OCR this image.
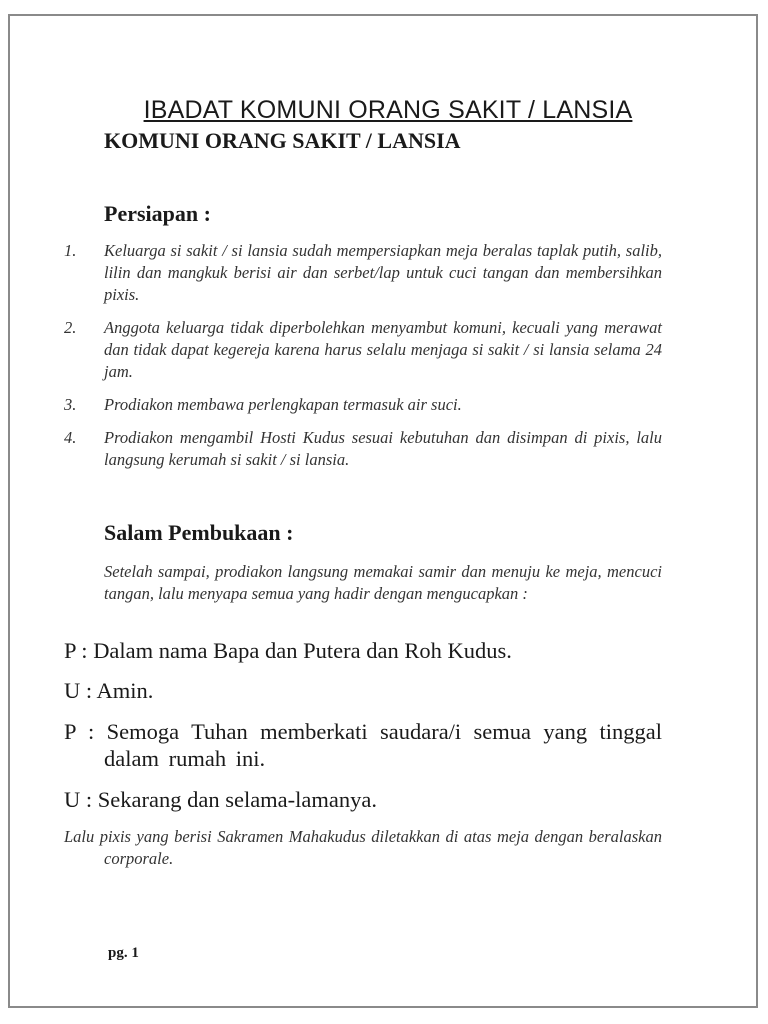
IBADAT KOMUNI ORANG SAKIT / LANSIA
KOMUNI ORANG SAKIT / LANSIA
Persiapan :
1.	Keluarga si sakit / si lansia sudah mempersiapkan meja beralas taplak putih, salib, lilin dan mangkuk berisi air dan serbet/lap untuk cuci tangan dan membersihkan pixis.
2.	Anggota keluarga tidak diperbolehkan menyambut komuni, kecuali yang merawat dan tidak dapat kegereja karena harus selalu menjaga si sakit / si lansia selama 24 jam.
3.	Prodiakon membawa perlengkapan termasuk air suci.
4.	Prodiakon mengambil Hosti Kudus sesuai kebutuhan dan disimpan di pixis, lalu langsung kerumah si sakit / si lansia.
Salam Pembukaan :
Setelah sampai, prodiakon langsung memakai samir dan menuju ke meja, mencuci tangan, lalu menyapa semua yang hadir dengan mengucapkan :
P : Dalam nama Bapa dan Putera dan Roh Kudus.
U : Amin.
P : Semoga Tuhan memberkati saudara/i semua yang tinggal dalam rumah ini.
U : Sekarang dan selama-lamanya.
Lalu pixis yang berisi Sakramen Mahakudus diletakkan di atas meja dengan beralaskan corporale.
pg. 1
